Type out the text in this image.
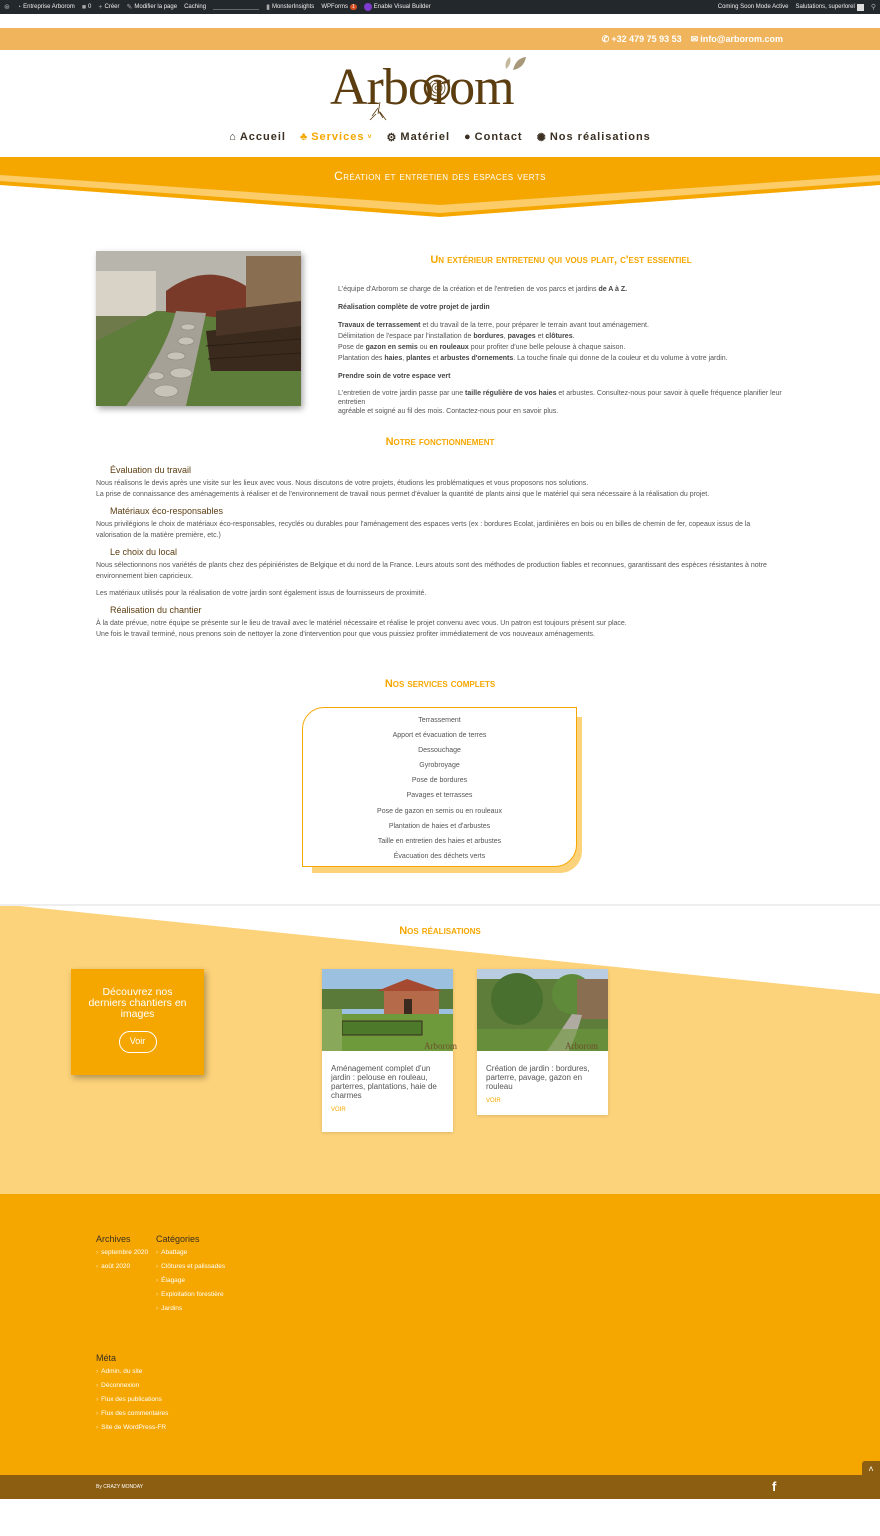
⊛ ◔ Entreprise Arborom ■ 0 + Créer ✎ Modifier la page Caching	▮ MonsterInsights WPForms 1	Enable Visual Builder	Coming Soon Mode Active Salutations, superlorel ⚲
✆ +32 479 75 93 53 ✉ info@arborom.com
Arborom
⌂ Accueil ♣ Services ˅ ⚙ Matériel ● Contact ✺ Nos réalisations
Création et entretien des espaces verts
Un extérieur entretenu qui vous plait, c'est essentiel

L'équipe d'Arborom se charge de la création et de l'entretien de vos parcs et jardins de A à Z.

Réalisation complète de votre projet de jardin

Travaux de terrassement et du travail de la terre, pour préparer le terrain avant tout aménagement.
Délimitation de l'espace par l'installation de bordures, pavages et clôtures.
Pose de gazon en semis ou en rouleaux pour profiter d'une belle pelouse à chaque saison.
Plantation des haies, plantes et arbustes d'ornements. La touche finale qui donne de la couleur et du volume à votre jardin.

Prendre soin de votre espace vert

L'entretien de votre jardin passe par une taille régulière de vos haies et arbustes. Consultez-nous pour savoir à quelle fréquence planifier leur entretien
agréable et soigné au fil des mois. Contactez-nous pour en savoir plus.

Notre fonctionnement
Évaluation du travail
Nous réalisons le devis après une visite sur les lieux avec vous. Nous discutons de votre projets, étudions les problématiques et vous proposons nos solutions.
La prise de connaissance des aménagements à réaliser et de l'environnement de travail nous permet d'évaluer la quantité de plants ainsi que le matériel qui sera nécessaire à la réalisation du projet.
Matériaux éco-responsables
Nous privilégions le choix de matériaux éco-responsables, recyclés ou durables pour l'aménagement des espaces verts (ex : bordures Ecolat, jardinières en bois ou en billes de chemin de fer, copeaux issus de la valorisation de la matière première, etc.)
Le choix du local
Nous sélectionnons nos variétés de plants chez des pépiniéristes de Belgique et du nord de la France. Leurs atouts sont des méthodes de production fiables et reconnues, garantissant des espèces résistantes à notre environnement bien capricieux.
Les matériaux utilisés pour la réalisation de votre jardin sont également issus de fournisseurs de proximité.
Réalisation du chantier
À la date prévue, notre équipe se présente sur le lieu de travail avec le matériel nécessaire et réalise le projet convenu avec vous. Un patron est toujours présent sur place.
Une fois le travail terminé, nous prenons soin de nettoyer la zone d'intervention pour que vous puissiez profiter immédiatement de vos nouveaux aménagements.
Nos services complets
Terrassement
Apport et évacuation de terres
Dessouchage
Gyrobroyage
Pose de bordures
Pavages et terrasses
Pose de gazon en semis ou en rouleaux
Plantation de haies et d'arbustes
Taille en entretien des haies et arbustes
Évacuation des déchets verts
Nos réalisations
Découvrez nos derniers chantiers en images
Voir	Arborom
Aménagement complet d'un jardin : pelouse en rouleau, parterres, plantations, haie de charmes
VOIR
Arborom
Création de jardin : bordures, parterre, pavage, gazon en rouleau
VOIR
Archives
› septembre 2020
› août 2020
Catégories
› Abattage
› Clôtures et palissades
› Élagage
› Exploitation forestière
› Jardins
Méta
› Admin. du site
› Déconnexion
› Flux des publications
› Flux des commentaires
› Site de WordPress-FR
By CRAZY MONDAY	f
˄
